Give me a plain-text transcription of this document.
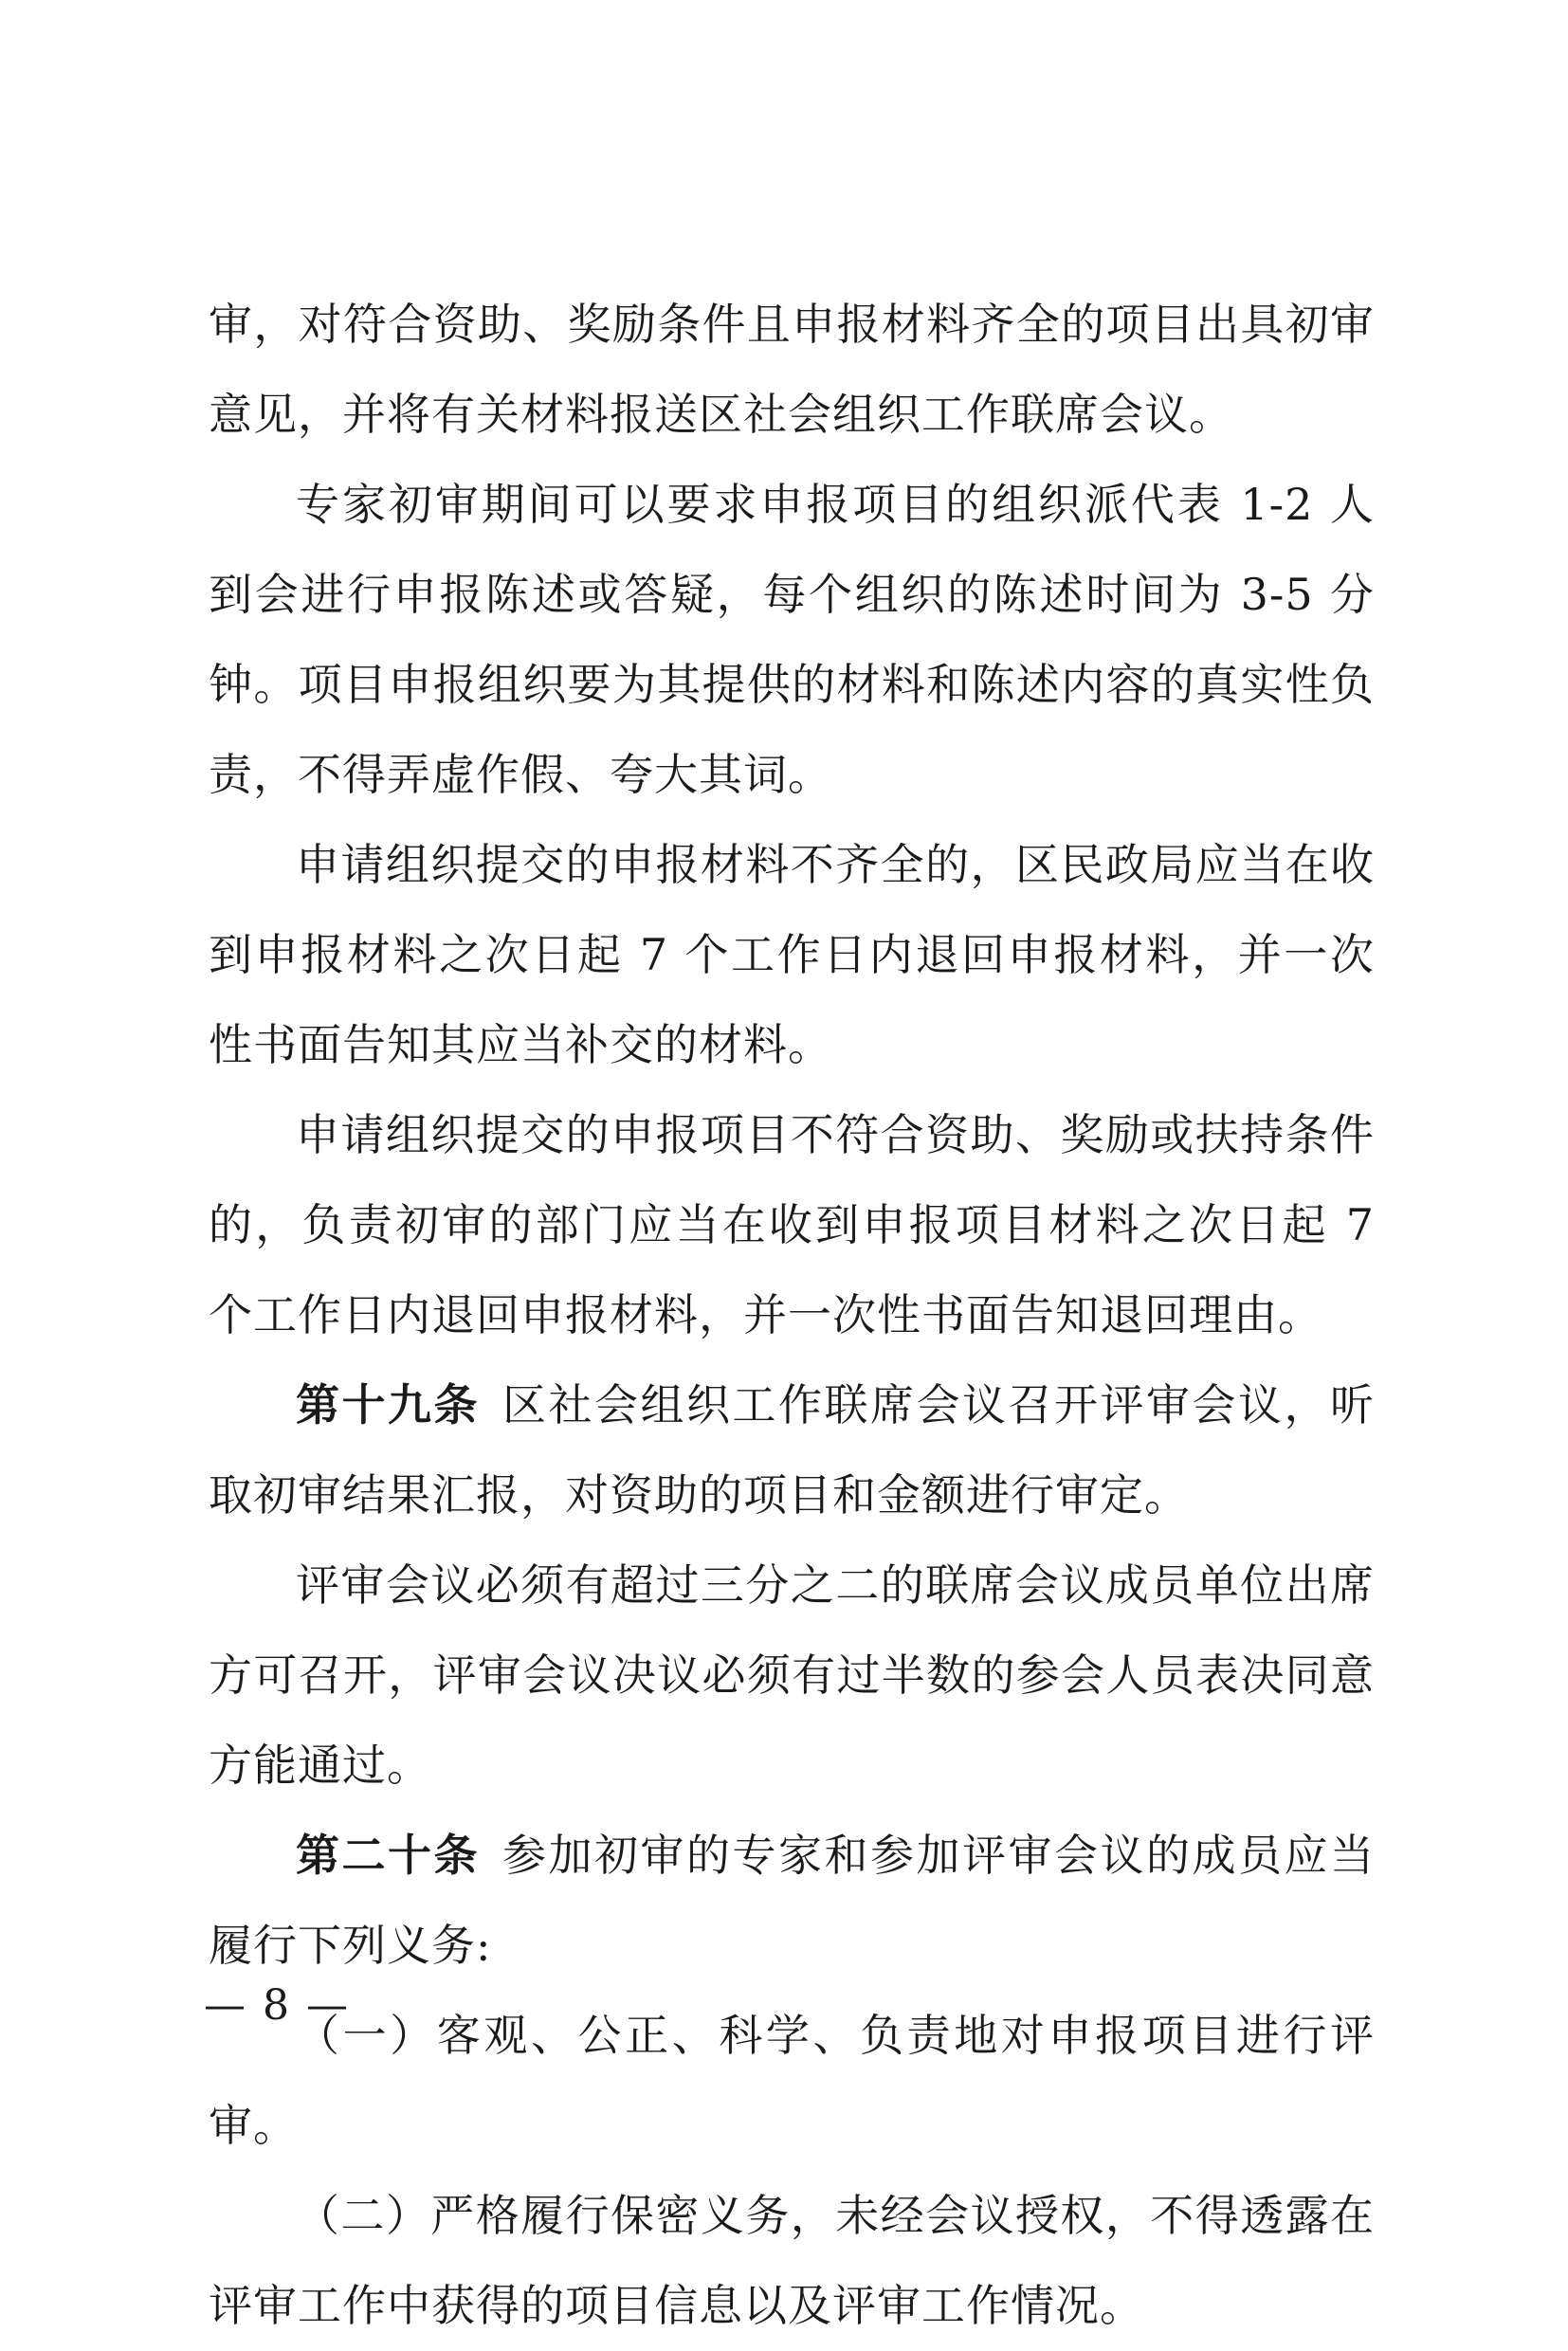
审，对符合资助、奖励条件且申报材料齐全的项目出具初审意见，并将有关材料报送区社会组织工作联席会议。

专家初审期间可以要求申报项目的组织派代表 1-2 人到会进行申报陈述或答疑，每个组织的陈述时间为 3-5 分钟。项目申报组织要为其提供的材料和陈述内容的真实性负责，不得弄虚作假、夸大其词。

申请组织提交的申报材料不齐全的，区民政局应当在收到申报材料之次日起 7 个工作日内退回申报材料，并一次性书面告知其应当补交的材料。

申请组织提交的申报项目不符合资助、奖励或扶持条件的，负责初审的部门应当在收到申报项目材料之次日起 7 个工作日内退回申报材料，并一次性书面告知退回理由。

第十九条 区社会组织工作联席会议召开评审会议，听取初审结果汇报，对资助的项目和金额进行审定。

评审会议必须有超过三分之二的联席会议成员单位出席方可召开，评审会议决议必须有过半数的参会人员表决同意方能通过。

第二十条 参加初审的专家和参加评审会议的成员应当履行下列义务:

（一）客观、公正、科学、负责地对申报项目进行评审。

（二）严格履行保密义务，未经会议授权，不得透露在评审工作中获得的项目信息以及评审工作情况。

— 8 —
